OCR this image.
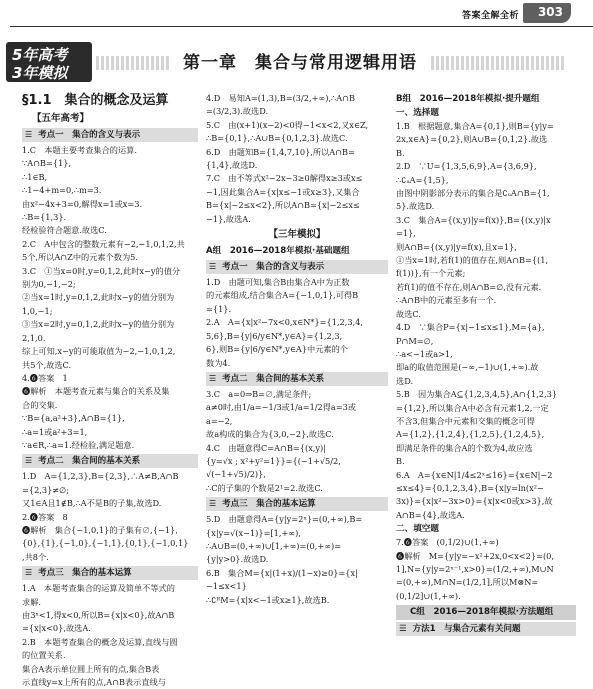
答案全解全析 303
5年高考
3年模拟	第一章　集合与常用逻辑用语
§1.1　集合的概念及运算
【五年高考】
☰ 考点一　集合的含义与表示
1.C　本题主要考查集合的运算.
∵A∩B={1},
∴1∈B,
∴1−4+m=0,∴m=3.
由x²−4x+3=0,解得x=1或x=3.
∴B={1,3}.
经检验符合题意.故选C.
2.C　A中包含的整数元素有−2,−1,0,1,2,共
5个,所以A∩Z中的元素个数为5.
3.C　①当x=0时,y=0,1,2,此时x−y的值分
别为0,−1,−2;
②当x=1时,y=0,1,2,此时x−y的值分别为
1,0,−1;
③当x=2时,y=0,1,2,此时x−y的值分别为
2,1,0.
综上可知,x−y的可能取值为−2,−1,0,1,2,
共5个,故选C.
4.❻答案　1
❻解析　本题考查元素与集合的关系及集
合的交集.
∵B={a,a²+3},A∩B={1},
∴a=1或a²+3=1,
∵a∈R,∴a=1.经检验,满足题意.
☰ 考点二　集合间的基本关系
1.D　A={1,2,3},B={2,3},∴A≠B,A∩B
={2,3}≠∅;
又1∈A且1∉B,∴A不是B的子集,故选D.
2.❻答案　8
❻解析　集合{−1,0,1}的子集有∅,{−1},
{0},{1},{−1,0},{−1,1},{0,1},{−1,0,1}
,共8个.
☰ 考点三　集合的基本运算
1.A　本题考查集合的运算及简单不等式的
求解.
由3ˣ<1,得x<0,所以B={x|x<0},故A∩B
={x|x<0},故选A.
2.B　本题考查集合的概念及运算,直线与圆
的位置关系.
集合A表示单位圆上所有的点,集合B表
示直线y=x上所有的点,A∩B表示直线与
4.D　易知A=(1,3),B=(3/2,+∞),∴A∩B
=(3/2,3).故选D.
5.C　由(x+1)(x−2)<0得−1<x<2,又x∈Z,
∴B={0,1},∴A∪B={0,1,2,3}.故选C.
6.D　由题知B={1,4,7,10},所以A∩B=
{1,4},故选D.
7.C　由不等式x²−2x−3≥0解得x≥3或x≤
−1,因此集合A={x|x≤−1或x≥3},又集合
B={x|−2≤x<2},所以A∩B={x|−2≤x≤
−1},故选A.
【三年模拟】
A组　2016—2018年模拟·基础题组
☰ 考点一　集合的含义与表示
1.D　由题可知,集合B由集合A中为正数
的元素组成,结合集合A={−1,0,1},可得B
={1}.
2.A　A={x|x²−7x<0,x∈N*}={1,2,3,4,
5,6},B={y|6/y∈N*,y∈A}={1,2,3,
6},则B={y|6/y∈N*,y∈A}中元素的个
数为4.
☰ 考点二　集合间的基本关系
3.C　a=0⇒B=∅,满足条件;
a≠0时,由1/a=−1/3或1/a=1/2得a=3或
a=−2,
故a构成的集合为{3,0,−2},故选C.
4.C　由题意得C=A∩B={(x,y)|
{y=√x ; x²+y²=1}}={(−1+√5/2, √(−1+√5)/2)},
∴C的子集的个数是2¹=2.故选C.
☰ 考点三　集合的基本运算
5.D　由题意得A={y|y=2ˣ}=(0,+∞),B=
{x|y=√(x−1)}=[1,+∞),
∴A∪B=(0,+∞)∪[1,+∞)=(0,+∞)=
{y|y>0}.故选D.
6.B　集合M={x|(1+x)/(1−x)≥0}={x|−1≤x<1}
∴∁ᴿM={x|x<−1或x≥1},故选B.
B组　2016—2018年模拟·提升题组
一、选择题
1.B　根据题意,集合A={0,1},则B={y|y=
2x,x∈A}={0,2},则A∪B={0,1,2}.故选
B.
2.D　∵U={1,3,5,6,9},A={3,6,9},
∴∁ᵤA={1,5},
由图中阴影部分表示的集合是∁ᵤA∩B={1,
5}.故选D.
3.C　集合A={(x,y)|y=f(x)},B={(x,y)|x
=1},
则A∩B={(x,y)|y=f(x),且x=1},
①当x=1时,若f(1)的值存在,则A∩B={(1,
f(1))},有一个元素;
若f(1)的值不存在,则A∩B=∅,没有元素.
∴A∩B中的元素至多有一个.
故选C.
4.D　∵集合P={x|−1≤x≤1},M={a},
P∩M=∅,
∴a<−1或a>1,
即a的取值范围是(−∞,−1)∪(1,+∞).故
选D.
5.B　因为集合A⊆{1,2,3,4,5},A∩{1,2,3}
={1,2},所以集合A中必含有元素1,2,一定
不含3,但集合中元素和交集的概念可得
A={1,2},{1,2,4},{1,2,5},{1,2,4,5},
即满足条件的集合A的个数为4,故应选
B.
6.A　A={x∈N|1/4≤2ˣ≤16}={x∈N|−2
≤x≤4}={0,1,2,3,4},B={x|y=ln(x²−
3x)}={x|x²−3x>0}={x|x<0或x>3},故
A∩B={4},故选A.
二、填空题
7.❻答案　(0,1/2)∪(1,+∞)
❻解析　M={y|y=−x²+2x,0<x<2}=(0,
1],N={y|y=2ˣ⁻¹,x>0}=(1/2,+∞),M∪N
=(0,+∞),M∩N=(1/2,1],所以M⊗N=
(0,1/2]∪(1,+∞).
C组　2016—2018年模拟·方法题组
☰ 方法1　与集合元素有关问题
